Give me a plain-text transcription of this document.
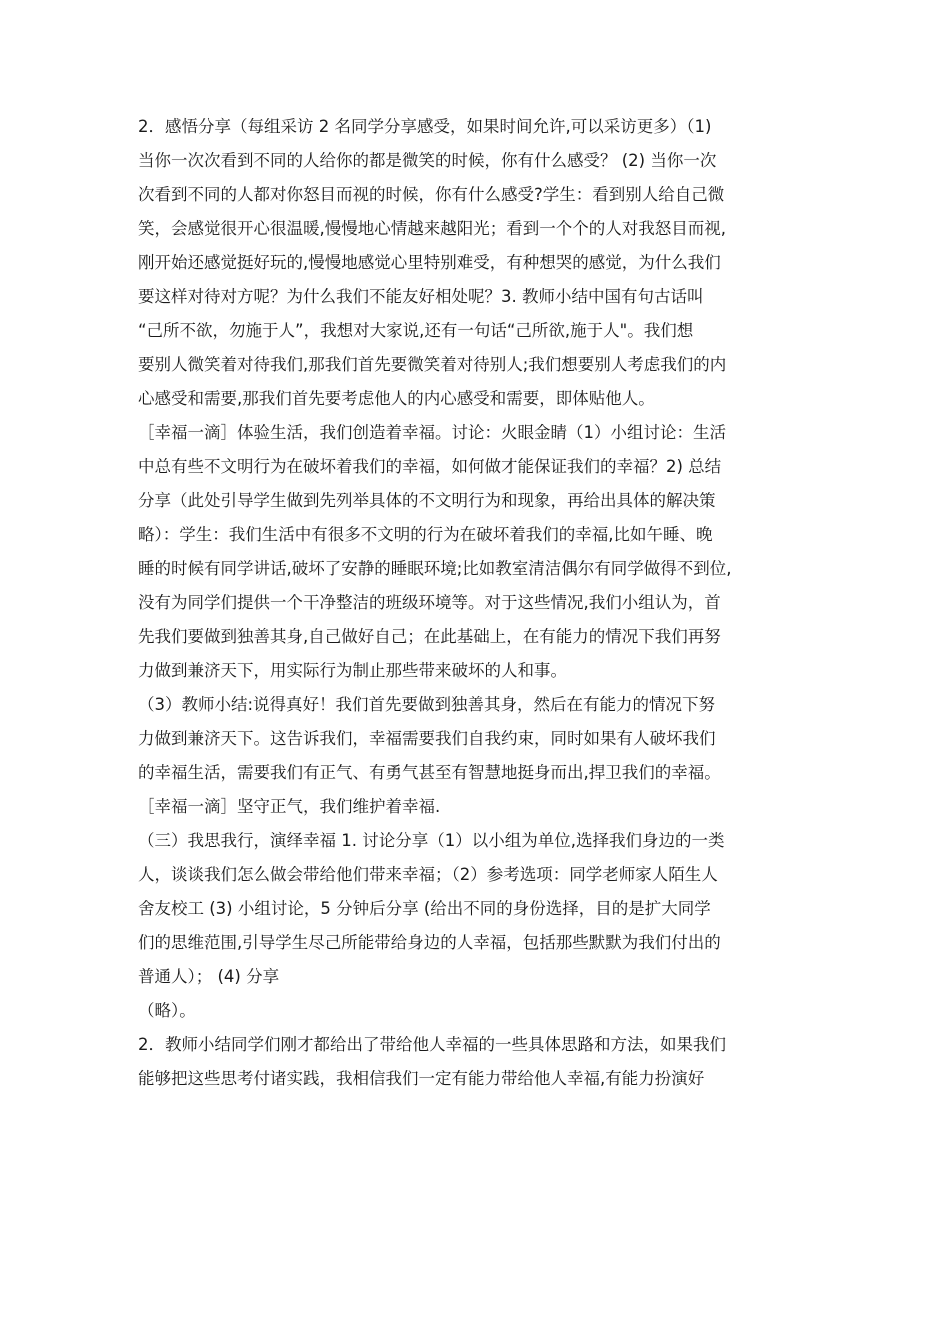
2．感悟分享（每组采访 2 名同学分享感受，如果时间允许,可以采访更多）（1)

当你一次次看到不同的人给你的都是微笑的时候，你有什么感受？ (2) 当你一次

次看到不同的人都对你怒目而视的时候，你有什么感受?学生：看到别人给自己微

笑，会感觉很开心很温暖,慢慢地心情越来越阳光；看到一个个的人对我怒目而视,

刚开始还感觉挺好玩的,慢慢地感觉心里特别难受，有种想哭的感觉，为什么我们

要这样对待对方呢？为什么我们不能友好相处呢？3. 教师小结中国有句古话叫

“己所不欲，勿施于人”，我想对大家说,还有一句话“己所欲,施于人"。我们想

要别人微笑着对待我们,那我们首先要微笑着对待别人;我们想要别人考虑我们的内

心感受和需要,那我们首先要考虑他人的内心感受和需要，即体贴他人。

［幸福一滴］体验生活，我们创造着幸福。讨论：火眼金睛（1）小组讨论：生活

中总有些不文明行为在破坏着我们的幸福，如何做才能保证我们的幸福？2) 总结

分享（此处引导学生做到先列举具体的不文明行为和现象，再给出具体的解决策

略）：学生：我们生活中有很多不文明的行为在破坏着我们的幸福,比如午睡、晚

睡的时候有同学讲话,破坏了安静的睡眠环境;比如教室清洁偶尔有同学做得不到位,

没有为同学们提供一个干净整洁的班级环境等。对于这些情况,我们小组认为，首

先我们要做到独善其身,自己做好自己；在此基础上，在有能力的情况下我们再努

力做到兼济天下，用实际行为制止那些带来破坏的人和事。

（3）教师小结:说得真好！我们首先要做到独善其身，然后在有能力的情况下努

力做到兼济天下。这告诉我们，幸福需要我们自我约束，同时如果有人破坏我们

的幸福生活，需要我们有正气、有勇气甚至有智慧地挺身而出,捍卫我们的幸福。

［幸福一滴］坚守正气，我们维护着幸福.

（三）我思我行，演绎幸福 1. 讨论分享（1）以小组为单位,选择我们身边的一类

人，谈谈我们怎么做会带给他们带来幸福；（2）参考选项：同学老师家人陌生人

舍友校工 (3) 小组讨论，5 分钟后分享 (给出不同的身份选择，目的是扩大同学

们的思维范围,引导学生尽己所能带给身边的人幸福，包括那些默默为我们付出的

普通人）； (4) 分享

（略）。

2．教师小结同学们刚才都给出了带给他人幸福的一些具体思路和方法，如果我们

能够把这些思考付诸实践，我相信我们一定有能力带给他人幸福,有能力扮演好
